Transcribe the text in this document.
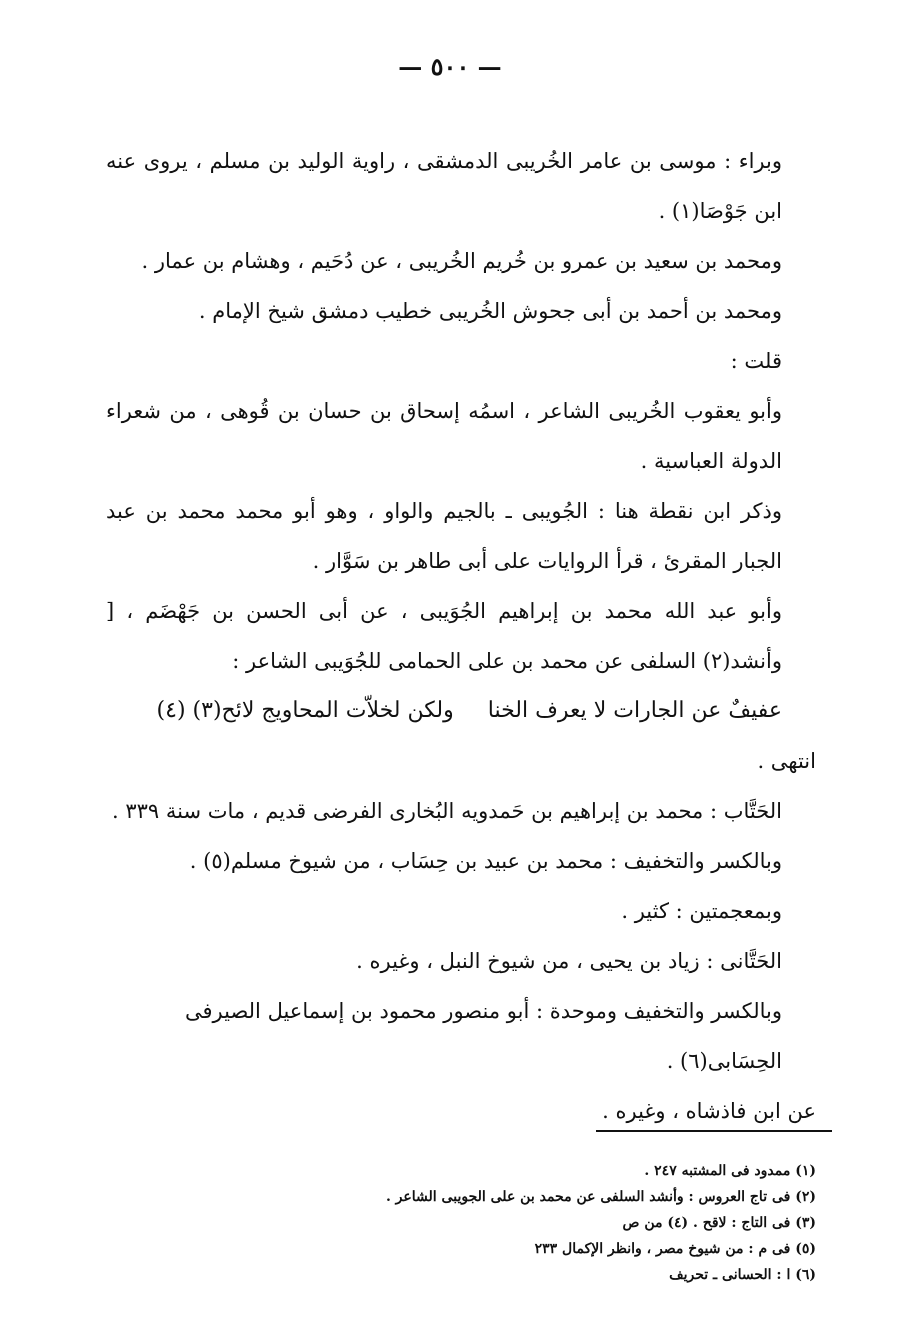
— ٥٠٠ —

وبراء : موسى بن عامر الخُريبى الدمشقى ، راوية الوليد بن مسلم ، يروى عنه ابن جَوْصَا(١) .

ومحمد بن سعيد بن عمرو بن خُريم الخُريبى ، عن دُحَيم ، وهشام بن عمار .

ومحمد بن أحمد بن أبى جحوش الخُريبى خطيب دمشق شيخ الإمام .

قلت :

وأبو يعقوب الخُريبى الشاعر ، اسمُه إسحاق بن حسان بن قُوهى ، من شعراء الدولة العباسية .

وذكر ابن نقطة هنا : الجُويبى ـ بالجيم والواو ، وهو أبو محمد محمد بن عبد الجبار المقرئ ، قرأ الروايات على أبى طاهر بن سَوَّار .

وأبو عبد الله محمد بن إبراهيم الجُوَيبى ، عن أبى الحسن بن جَهْضَم ، [ وأنشد(٢) السلفى عن محمد بن على الحمامى للجُوَيبى الشاعر :

عفيفٌ عن الجارات لا يعرف الخنا
ولكن لخلاّت المحاويج لائح(٣) (٤)

انتهى .

الحَتَّاب : محمد بن إبراهيم بن حَمدويه البُخارى الفرضى قديم ، مات سنة ٣٣٩ .

وبالكسر والتخفيف : محمد بن عبيد بن حِسَاب ، من شيوخ مسلم(٥) .

وبمعجمتين : كثير .

الحَتَّانى : زياد بن يحيى ، من شيوخ النبل ، وغيره .

وبالكسر والتخفيف وموحدة : أبو منصور محمود بن إسماعيل الصيرفى الحِسَابى(٦) .

عن ابن فاذشاه ، وغيره .

(١) ممدود فى المشتبه ٢٤٧ .

(٢) فى تاج العروس : وأنشد السلفى عن محمد بن على الجويبى الشاعر .

(٣) فى التاج : لاقح . (٤) من ص

(٥) فى م : من شيوخ مصر ، وانظر الإكمال ٢٣٣

(٦) ا : الحسانى ـ تحريف
